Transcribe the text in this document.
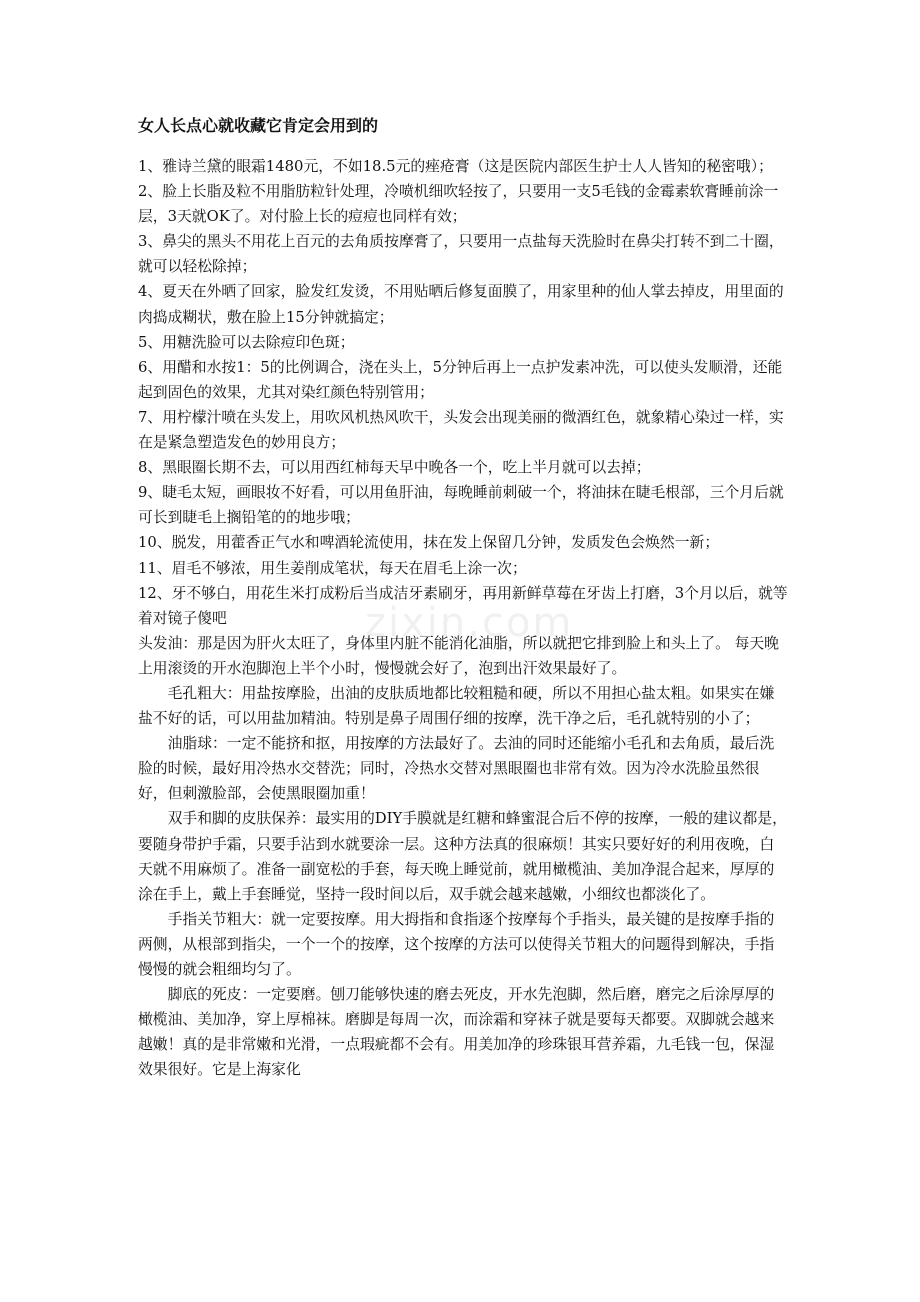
女人长点心就收藏它肯定会用到的

1、雅诗兰黛的眼霜1480元，不如18.5元的痤疮膏（这是医院内部医生护士人人皆知的秘密哦）；

2、脸上长脂及粒不用脂肪粒针处理，冷喷机细吹轻按了，只要用一支5毛钱的金霉素软膏睡前涂一层，3天就OK了。对付脸上长的痘痘也同样有效；

3、鼻尖的黑头不用花上百元的去角质按摩膏了，只要用一点盐每天洗脸时在鼻尖打转不到二十圈，就可以轻松除掉；

4、夏天在外晒了回家，脸发红发烫，不用贴晒后修复面膜了，用家里种的仙人掌去掉皮，用里面的肉捣成糊状，敷在脸上15分钟就搞定；

5、用糖洗脸可以去除痘印色斑；

6、用醋和水按1：5的比例调合，浇在头上，5分钟后再上一点护发素冲洗，可以使头发顺滑，还能起到固色的效果，尤其对染红颜色特别管用；

7、用柠檬汁喷在头发上，用吹风机热风吹干，头发会出现美丽的微酒红色，就象精心染过一样，实在是紧急塑造发色的妙用良方；

8、黑眼圈长期不去，可以用西红柿每天早中晚各一个，吃上半月就可以去掉；

9、睫毛太短，画眼妆不好看，可以用鱼肝油，每晚睡前刺破一个，将油抹在睫毛根部，三个月后就可长到睫毛上搁铅笔的的地步哦；

10、脱发，用藿香正气水和啤酒轮流使用，抹在发上保留几分钟，发质发色会焕然一新；

11、眉毛不够浓，用生姜削成笔状，每天在眉毛上涂一次；

12、牙不够白，用花生米打成粉后当成洁牙素刷牙，再用新鲜草莓在牙齿上打磨，3个月以后，就等着对镜子傻吧

头发油：那是因为肝火太旺了，身体里内脏不能消化油脂，所以就把它排到脸上和头上了。 每天晚上用滚烫的开水泡脚泡上半个小时，慢慢就会好了，泡到出汗效果最好了。

毛孔粗大：用盐按摩脸，出油的皮肤质地都比较粗糙和硬，所以不用担心盐太粗。如果实在嫌盐不好的话，可以用盐加精油。特别是鼻子周围仔细的按摩，洗干净之后，毛孔就特别的小了；

油脂球：一定不能挤和抠，用按摩的方法最好了。去油的同时还能缩小毛孔和去角质，最后洗脸的时候，最好用冷热水交替洗；同时，冷热水交替对黑眼圈也非常有效。因为冷水洗脸虽然很好，但刺激脸部，会使黑眼圈加重！

双手和脚的皮肤保养：最实用的DIY手膜就是红糖和蜂蜜混合后不停的按摩，一般的建议都是，要随身带护手霜，只要手沾到水就要涂一层。这种方法真的很麻烦！其实只要好好的利用夜晚，白天就不用麻烦了。准备一副宽松的手套，每天晚上睡觉前，就用橄榄油、美加净混合起来，厚厚的涂在手上，戴上手套睡觉，坚持一段时间以后，双手就会越来越嫩，小细纹也都淡化了。

手指关节粗大：就一定要按摩。用大拇指和食指逐个按摩每个手指头，最关键的是按摩手指的两侧，从根部到指尖，一个一个的按摩，这个按摩的方法可以使得关节粗大的问题得到解决，手指慢慢的就会粗细均匀了。

脚底的死皮：一定要磨。刨刀能够快速的磨去死皮，开水先泡脚，然后磨，磨完之后涂厚厚的橄榄油、美加净，穿上厚棉袜。磨脚是每周一次，而涂霜和穿袜子就是要每天都要。双脚就会越来越嫩！真的是非常嫩和光滑，一点瑕疵都不会有。用美加净的珍珠银耳营养霜，九毛钱一包，保湿效果很好。它是上海家化

zixin.com
